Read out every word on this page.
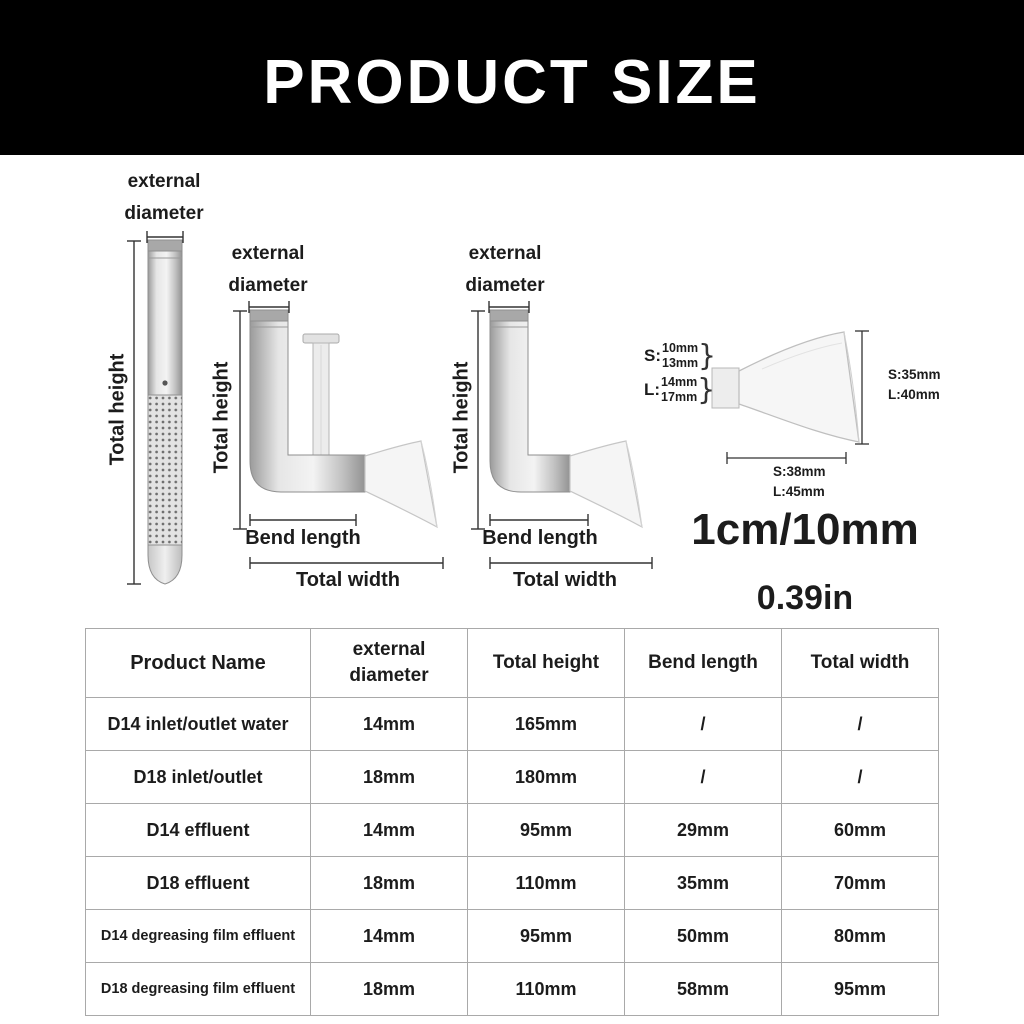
PRODUCT SIZE
external
diameter
Total height
external
diameter
Total height
Bend length
Total width
external
diameter
Total height
Bend length
Total width
S: 10mm
13mm }
L: 14mm
17mm }	S:35mm
L:40mm
S:38mm
L:45mm
1cm/10mm
0.39in
Product Name	external diameter	Total height	Bend length	Total width
D14 inlet/outlet water	14mm	165mm	/	/
D18 inlet/outlet	18mm	180mm	/	/
D14 effluent	14mm	95mm	29mm	60mm
D18 effluent	18mm	110mm	35mm	70mm
D14 degreasing film effluent	14mm	95mm	50mm	80mm
D18 degreasing film effluent	18mm	110mm	58mm	95mm
